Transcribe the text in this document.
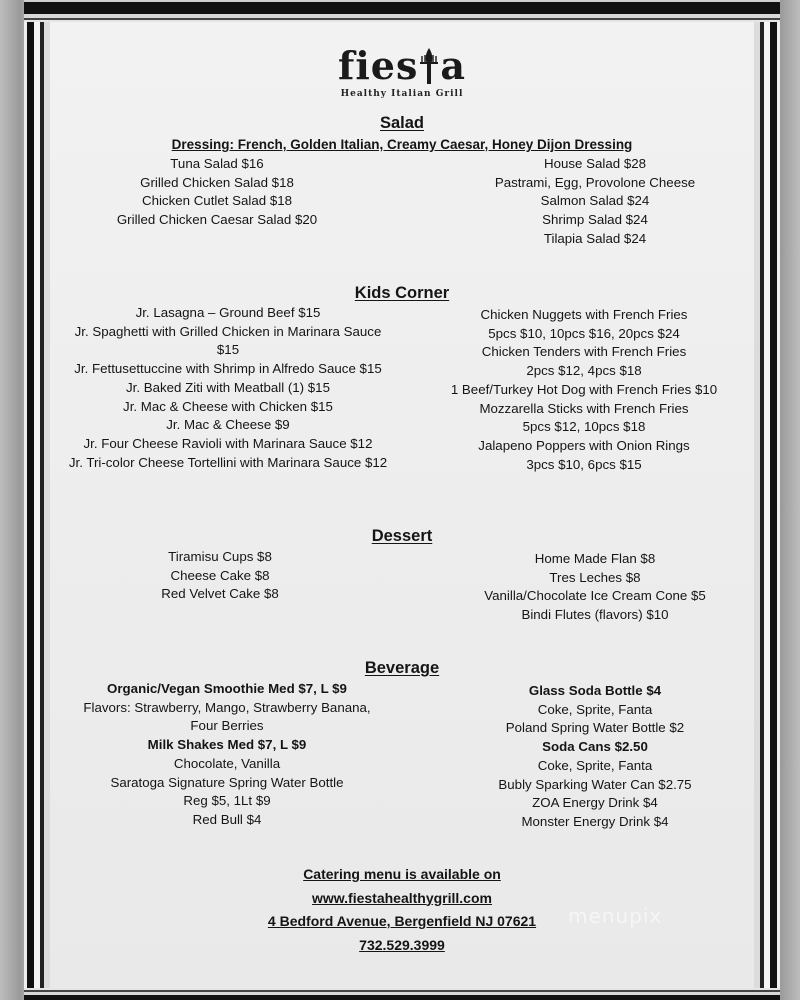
fies a
Healthy Italian Grill
Salad
Dressing: French, Golden Italian, Creamy Caesar, Honey Dijon Dressing
Tuna Salad $16
Grilled Chicken Salad $18
Chicken Cutlet Salad $18
Grilled Chicken Caesar Salad $20
House Salad $28
Pastrami, Egg, Provolone Cheese
Salmon Salad $24
Shrimp Salad $24
Tilapia Salad $24
Kids Corner
Jr. Lasagna – Ground Beef $15
Jr. Spaghetti with Grilled Chicken in Marinara Sauce
$15
Jr. Fettusettuccine with Shrimp in Alfredo Sauce $15
Jr. Baked Ziti with Meatball (1) $15
Jr. Mac & Cheese with Chicken $15
Jr. Mac & Cheese $9
Jr. Four Cheese Ravioli with Marinara Sauce $12
Jr. Tri-color Cheese Tortellini with Marinara Sauce $12
Chicken Nuggets with French Fries
5pcs $10, 10pcs $16, 20pcs $24
Chicken Tenders with French Fries
2pcs $12, 4pcs $18
1 Beef/Turkey Hot Dog with French Fries $10
Mozzarella Sticks with French Fries
5pcs $12, 10pcs $18
Jalapeno Poppers with Onion Rings
3pcs $10, 6pcs $15
Dessert
Tiramisu Cups $8
Cheese Cake $8
Red Velvet Cake $8
Home Made Flan $8
Tres Leches $8
Vanilla/Chocolate Ice Cream Cone $5
Bindi Flutes (flavors) $10
Beverage
Organic/Vegan Smoothie Med $7, L $9
Flavors: Strawberry, Mango, Strawberry Banana,
Four Berries
Milk Shakes Med $7, L $9
Chocolate, Vanilla
Saratoga Signature Spring Water Bottle
Reg $5, 1Lt $9
Red Bull $4
Glass Soda Bottle $4
Coke, Sprite, Fanta
Poland Spring Water Bottle $2
Soda Cans $2.50
Coke, Sprite, Fanta
Bubly Sparking Water Can $2.75
ZOA Energy Drink $4
Monster Energy Drink $4
Catering menu is available on
www.fiestahealthygrill.com
4 Bedford Avenue, Bergenfield NJ 07621
732.529.3999
menupix
